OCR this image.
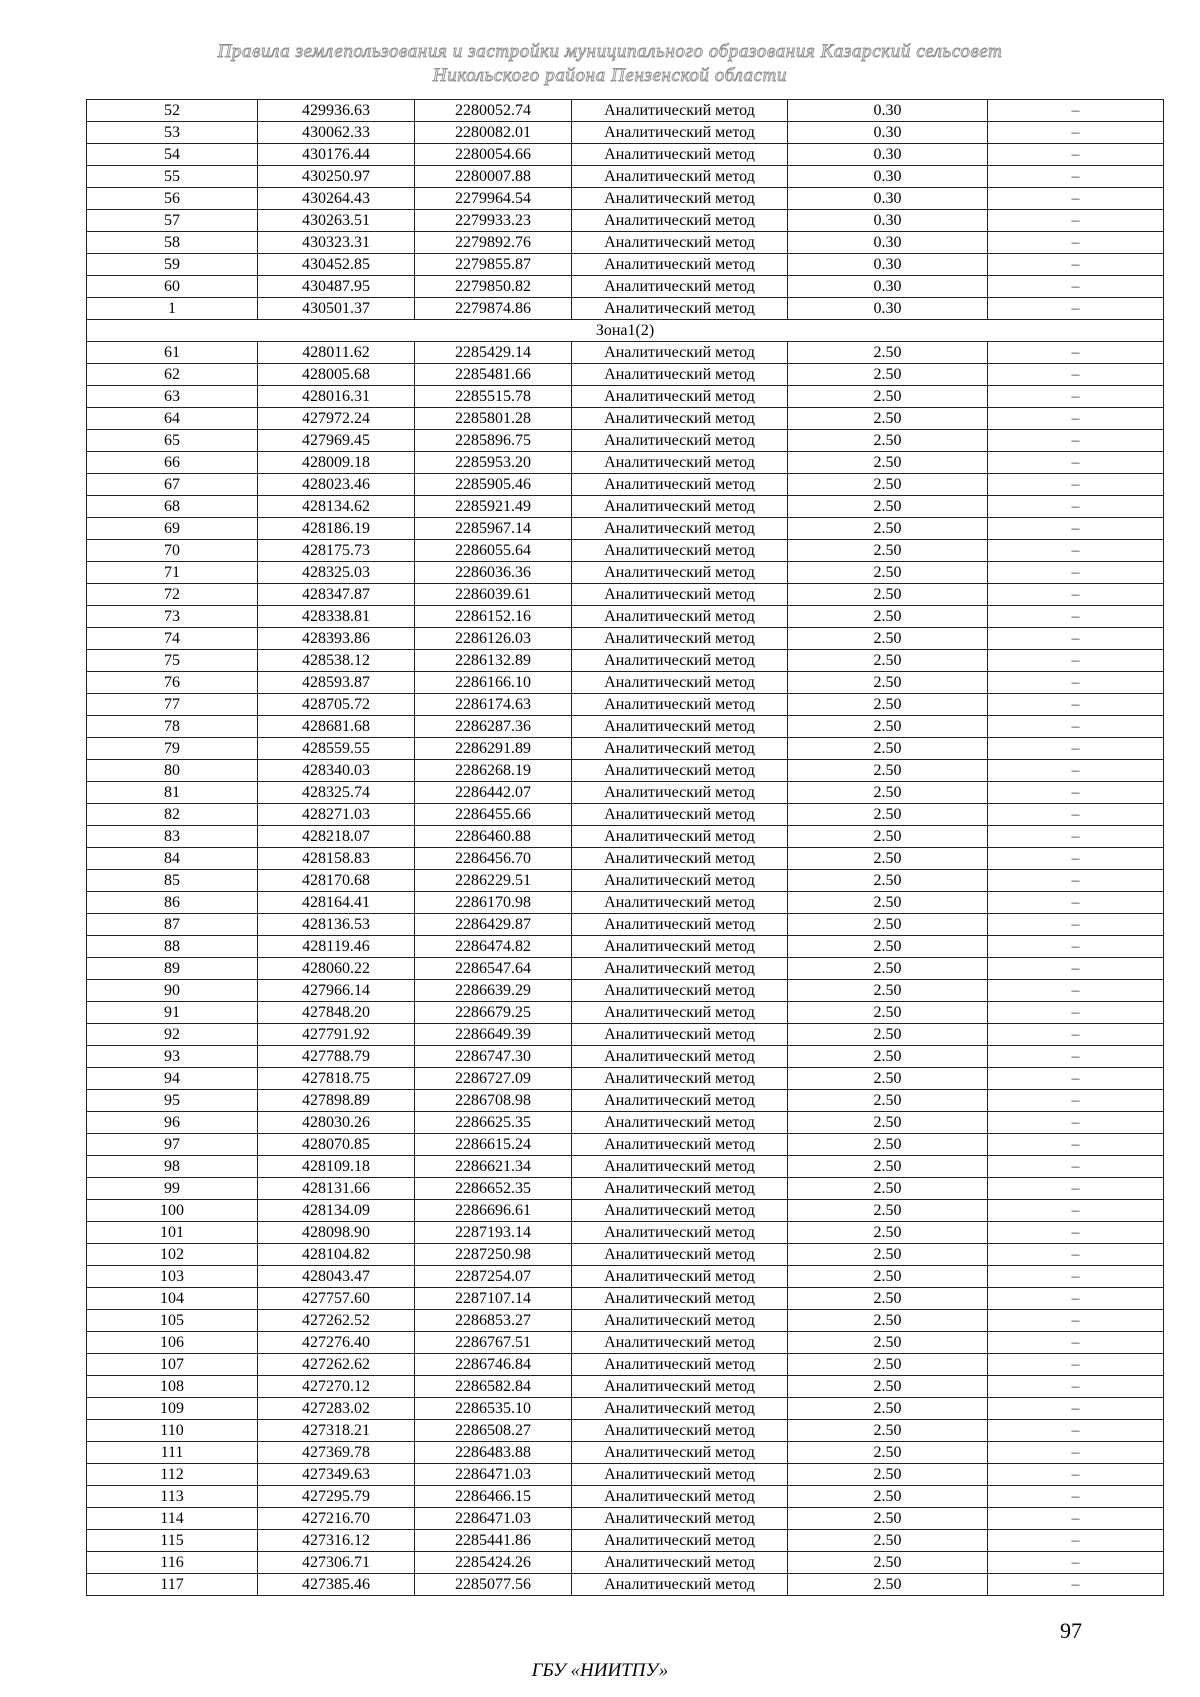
Правила землепользования и застройки муниципального образования Казарский сельсовет
Никольского района Пензенской области
52	429936.63	2280052.74	Аналитический метод	0.30	–
53	430062.33	2280082.01	Аналитический метод	0.30	–
54	430176.44	2280054.66	Аналитический метод	0.30	–
55	430250.97	2280007.88	Аналитический метод	0.30	–
56	430264.43	2279964.54	Аналитический метод	0.30	–
57	430263.51	2279933.23	Аналитический метод	0.30	–
58	430323.31	2279892.76	Аналитический метод	0.30	–
59	430452.85	2279855.87	Аналитический метод	0.30	–
60	430487.95	2279850.82	Аналитический метод	0.30	–
1	430501.37	2279874.86	Аналитический метод	0.30	–
Зона1(2)					
61	428011.62	2285429.14	Аналитический метод	2.50	–
62	428005.68	2285481.66	Аналитический метод	2.50	–
63	428016.31	2285515.78	Аналитический метод	2.50	–
64	427972.24	2285801.28	Аналитический метод	2.50	–
65	427969.45	2285896.75	Аналитический метод	2.50	–
66	428009.18	2285953.20	Аналитический метод	2.50	–
67	428023.46	2285905.46	Аналитический метод	2.50	–
68	428134.62	2285921.49	Аналитический метод	2.50	–
69	428186.19	2285967.14	Аналитический метод	2.50	–
70	428175.73	2286055.64	Аналитический метод	2.50	–
71	428325.03	2286036.36	Аналитический метод	2.50	–
72	428347.87	2286039.61	Аналитический метод	2.50	–
73	428338.81	2286152.16	Аналитический метод	2.50	–
74	428393.86	2286126.03	Аналитический метод	2.50	–
75	428538.12	2286132.89	Аналитический метод	2.50	–
76	428593.87	2286166.10	Аналитический метод	2.50	–
77	428705.72	2286174.63	Аналитический метод	2.50	–
78	428681.68	2286287.36	Аналитический метод	2.50	–
79	428559.55	2286291.89	Аналитический метод	2.50	–
80	428340.03	2286268.19	Аналитический метод	2.50	–
81	428325.74	2286442.07	Аналитический метод	2.50	–
82	428271.03	2286455.66	Аналитический метод	2.50	–
83	428218.07	2286460.88	Аналитический метод	2.50	–
84	428158.83	2286456.70	Аналитический метод	2.50	–
85	428170.68	2286229.51	Аналитический метод	2.50	–
86	428164.41	2286170.98	Аналитический метод	2.50	–
87	428136.53	2286429.87	Аналитический метод	2.50	–
88	428119.46	2286474.82	Аналитический метод	2.50	–
89	428060.22	2286547.64	Аналитический метод	2.50	–
90	427966.14	2286639.29	Аналитический метод	2.50	–
91	427848.20	2286679.25	Аналитический метод	2.50	–
92	427791.92	2286649.39	Аналитический метод	2.50	–
93	427788.79	2286747.30	Аналитический метод	2.50	–
94	427818.75	2286727.09	Аналитический метод	2.50	–
95	427898.89	2286708.98	Аналитический метод	2.50	–
96	428030.26	2286625.35	Аналитический метод	2.50	–
97	428070.85	2286615.24	Аналитический метод	2.50	–
98	428109.18	2286621.34	Аналитический метод	2.50	–
99	428131.66	2286652.35	Аналитический метод	2.50	–
100	428134.09	2286696.61	Аналитический метод	2.50	–
101	428098.90	2287193.14	Аналитический метод	2.50	–
102	428104.82	2287250.98	Аналитический метод	2.50	–
103	428043.47	2287254.07	Аналитический метод	2.50	–
104	427757.60	2287107.14	Аналитический метод	2.50	–
105	427262.52	2286853.27	Аналитический метод	2.50	–
106	427276.40	2286767.51	Аналитический метод	2.50	–
107	427262.62	2286746.84	Аналитический метод	2.50	–
108	427270.12	2286582.84	Аналитический метод	2.50	–
109	427283.02	2286535.10	Аналитический метод	2.50	–
110	427318.21	2286508.27	Аналитический метод	2.50	–
111	427369.78	2286483.88	Аналитический метод	2.50	–
112	427349.63	2286471.03	Аналитический метод	2.50	–
113	427295.79	2286466.15	Аналитический метод	2.50	–
114	427216.70	2286471.03	Аналитический метод	2.50	–
115	427316.12	2285441.86	Аналитический метод	2.50	–
116	427306.71	2285424.26	Аналитический метод	2.50	–
117	427385.46	2285077.56	Аналитический метод	2.50	–
97
ГБУ «НИИТПУ»
